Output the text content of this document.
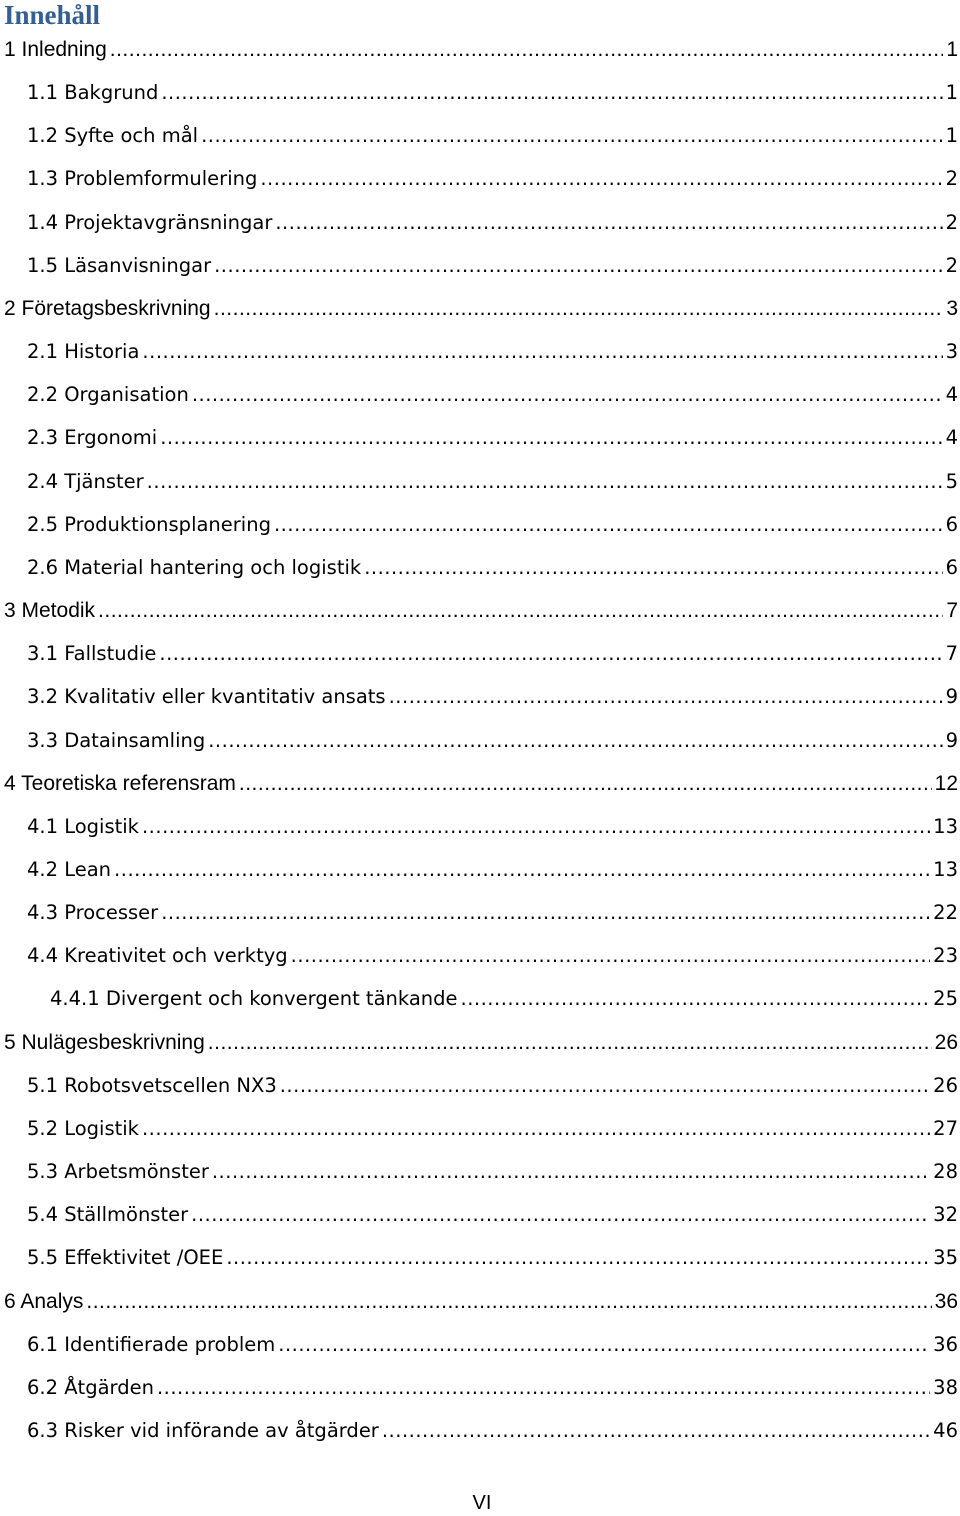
Innehåll
1 Inledning .....	1
1.1 Bakgrund .....	1
1.2 Syfte och mål .....	1
1.3 Problemformulering .....	2
1.4 Projektavgränsningar .....	2
1.5 Läsanvisningar .....	2
2 Företagsbeskrivning .....	3
2.1 Historia .....	3
2.2 Organisation .....	4
2.3 Ergonomi .....	4
2.4 Tjänster .....	5
2.5 Produktionsplanering .....	6
2.6 Material hantering och logistik .....	6
3 Metodik .....	7
3.1 Fallstudie .....	7
3.2 Kvalitativ eller kvantitativ ansats .....	9
3.3 Datainsamling .....	9
4 Teoretiska referensram .....	12
4.1 Logistik .....	13
4.2 Lean .....	13
4.3 Processer .....	22
4.4 Kreativitet och verktyg .....	23
4.4.1 Divergent och konvergent tänkande .....	25
5 Nulägesbeskrivning .....	26
5.1 Robotsvetscellen NX3 .....	26
5.2 Logistik .....	27
5.3 Arbetsmönster .....	28
5.4 Ställmönster .....	32
5.5 Effektivitet /OEE .....	35
6 Analys .....	36
6.1 Identifierade problem .....	36
6.2 Åtgärden .....	38
6.3 Risker vid införande av åtgärder .....	46
VI
